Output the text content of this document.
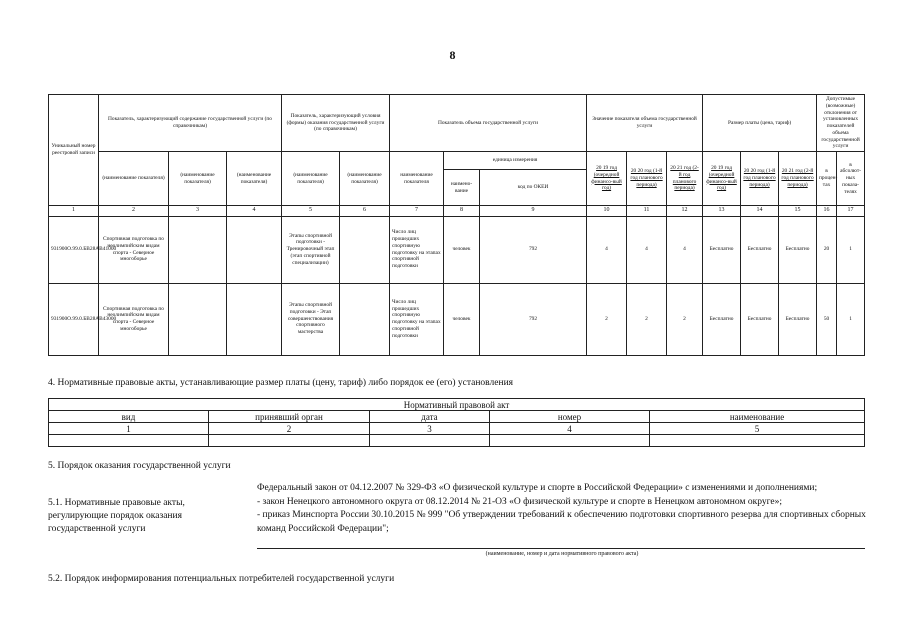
8
Уникальный номер реестровой записи	Показатель, характеризующий содержание государственной услуги (по справочникам)			Показатель, характеризующий условия (формы) оказания государственной услуги (по справочникам)		Показатель объема государственной услуги			Значение показателя объема государственной услуги			Размер платы (цена, тариф)			Допустимые (возможные) отклонения от установленных показателей объема государственной услуги	
	(наименование показателя)	(наименование показателя)	(наименование показателя)	(наименование показателя)	(наименование показателя)	наименование показателя	единица измерения		20 19 год (очередной финансо-вый год)	20 20 год (1-й год планового периода)	20 21 год (2-й год планового периода)	20 19 год (очередной финансо-вый год)	20 20 год (1-й год планового периода)	20 21 год (2-й год планового периода)	в процен-тах	в абсолют-ных показа-телях
							наимено-вание	код по ОКЕИ								
1	2	3	4	5	6	7	8	9	10	11	12	13	14	15	16	17
931900О.99.0.БВ28АВ41000	Спортивная подготовка по неолимпийским видам спорта - Северное многоборье			Этапы спортивной подготовки - Тренировочный этап (этап спортивной специализации)		Число лиц прошедших спортивную подготовку на этапах спортивной подготовки	человек	792	4	4	4	Бесплатно	Бесплатно	Бесплатно	20	1
931900О.99.0.БВ28АВ43000	Спортивная подготовка по неолимпийским видам спорта - Северное многоборье			Этапы спортивной подготовки - Этап совершенствования спортивного мастерства		Число лиц прошедших спортивную подготовку на этапах спортивной подготовки	человек	792	2	2	2	Бесплатно	Бесплатно	Бесплатно	50	1
4. Нормативные правовые акты, устанавливающие размер платы (цену, тариф) либо порядок ее (его) установления
Нормативный правовой акт				
вид	принявший орган	дата	номер	наименование
1	2	3	4	5

5. Порядок оказания государственной услуги
5.1. Нормативные правовые акты, регулирующие порядок оказания государственной услуги
Федеральный закон от 04.12.2007 № 329-ФЗ «О физической культуре и спорте в Российской Федерации» с изменениями и дополнениями;
- закон Ненецкого автономного округа от 08.12.2014 № 21-ОЗ «О физической культуре и спорте в Ненецком автономном округе»;
- приказ Минспорта России 30.10.2015 № 999 "Об утверждении требований к обеспечению подготовки спортивного резерва для спортивных сборных команд Российской Федерации";
(наименование, номер и дата нормативного правового акта)
5.2. Порядок информирования потенциальных потребителей государственной услуги
